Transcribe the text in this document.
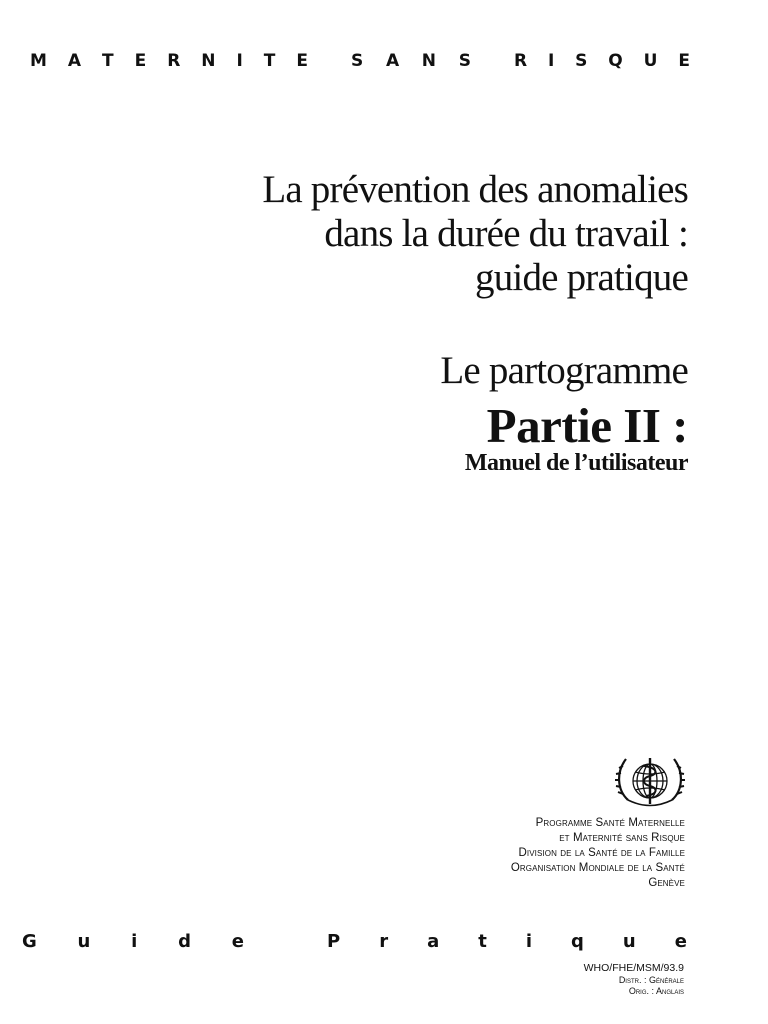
M A T E R N I T E	S A N S	R I S Q U E
La prévention des anomalies
dans la durée du travail :
guide pratique
Le partogramme
Partie II :
Manuel de l’utilisateur
Programme Santé Maternelle
et Maternité sans Risque
Division de la Santé de la Famille
Organisation Mondiale de la Santé
Genève
G u i d e	P r a t i q u e
WHO/FHE/MSM/93.9
Distr. : Générale
Orig. : Anglais
